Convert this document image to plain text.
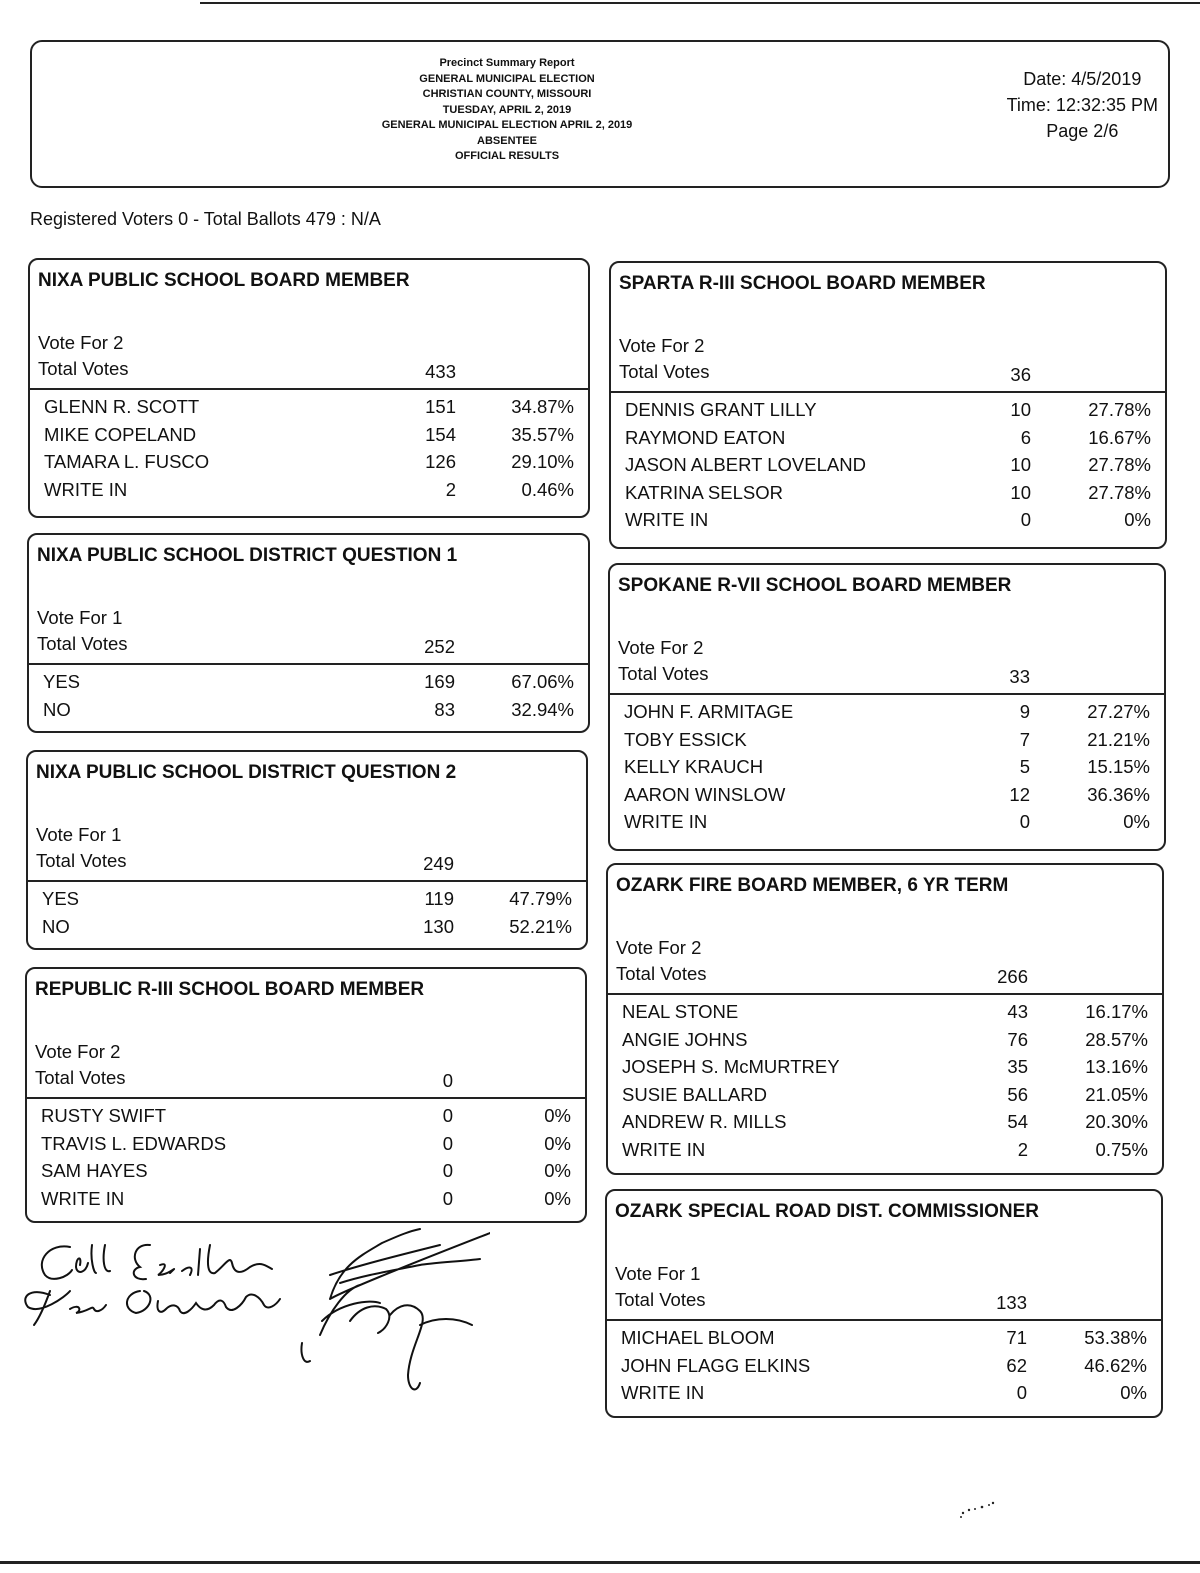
Precinct Summary Report
GENERAL MUNICIPAL ELECTION
CHRISTIAN COUNTY, MISSOURI
TUESDAY, APRIL 2, 2019
GENERAL MUNICIPAL ELECTION APRIL 2, 2019
ABSENTEE
OFFICIAL RESULTS
Date: 4/5/2019
Time: 12:32:35 PM
Page 2/6
Registered Voters 0 - Total Ballots 479 : N/A
NIXA PUBLIC SCHOOL BOARD MEMBER
Vote For 2
Total Votes	433
GLENN R. SCOTT	151	34.87%
MIKE COPELAND	154	35.57%
TAMARA L. FUSCO	126	29.10%
WRITE IN	2	0.46%
NIXA PUBLIC SCHOOL DISTRICT QUESTION 1
Vote For 1
Total Votes	252
YES	169	67.06%
NO	83	32.94%
NIXA PUBLIC SCHOOL DISTRICT QUESTION 2
Vote For 1
Total Votes	249
YES	119	47.79%
NO	130	52.21%
REPUBLIC R-III SCHOOL BOARD MEMBER
Vote For 2
Total Votes	0
RUSTY SWIFT	0	0%
TRAVIS L. EDWARDS	0	0%
SAM HAYES	0	0%
WRITE IN	0	0%
SPARTA R-III SCHOOL BOARD MEMBER
Vote For 2
Total Votes	36
DENNIS GRANT LILLY	10	27.78%
RAYMOND EATON	6	16.67%
JASON ALBERT LOVELAND	10	27.78%
KATRINA SELSOR	10	27.78%
WRITE IN	0	0%
SPOKANE R-VII SCHOOL BOARD MEMBER
Vote For 2
Total Votes	33
JOHN F. ARMITAGE	9	27.27%
TOBY ESSICK	7	21.21%
KELLY KRAUCH	5	15.15%
AARON WINSLOW	12	36.36%
WRITE IN	0	0%
OZARK FIRE BOARD MEMBER, 6 YR TERM
Vote For 2
Total Votes	266
NEAL STONE	43	16.17%
ANGIE JOHNS	76	28.57%
JOSEPH S. McMURTREY	35	13.16%
SUSIE BALLARD	56	21.05%
ANDREW R. MILLS	54	20.30%
WRITE IN	2	0.75%
OZARK SPECIAL ROAD DIST. COMMISSIONER
Vote For 1
Total Votes	133
MICHAEL BLOOM	71	53.38%
JOHN FLAGG ELKINS	62	46.62%
WRITE IN	0	0%
